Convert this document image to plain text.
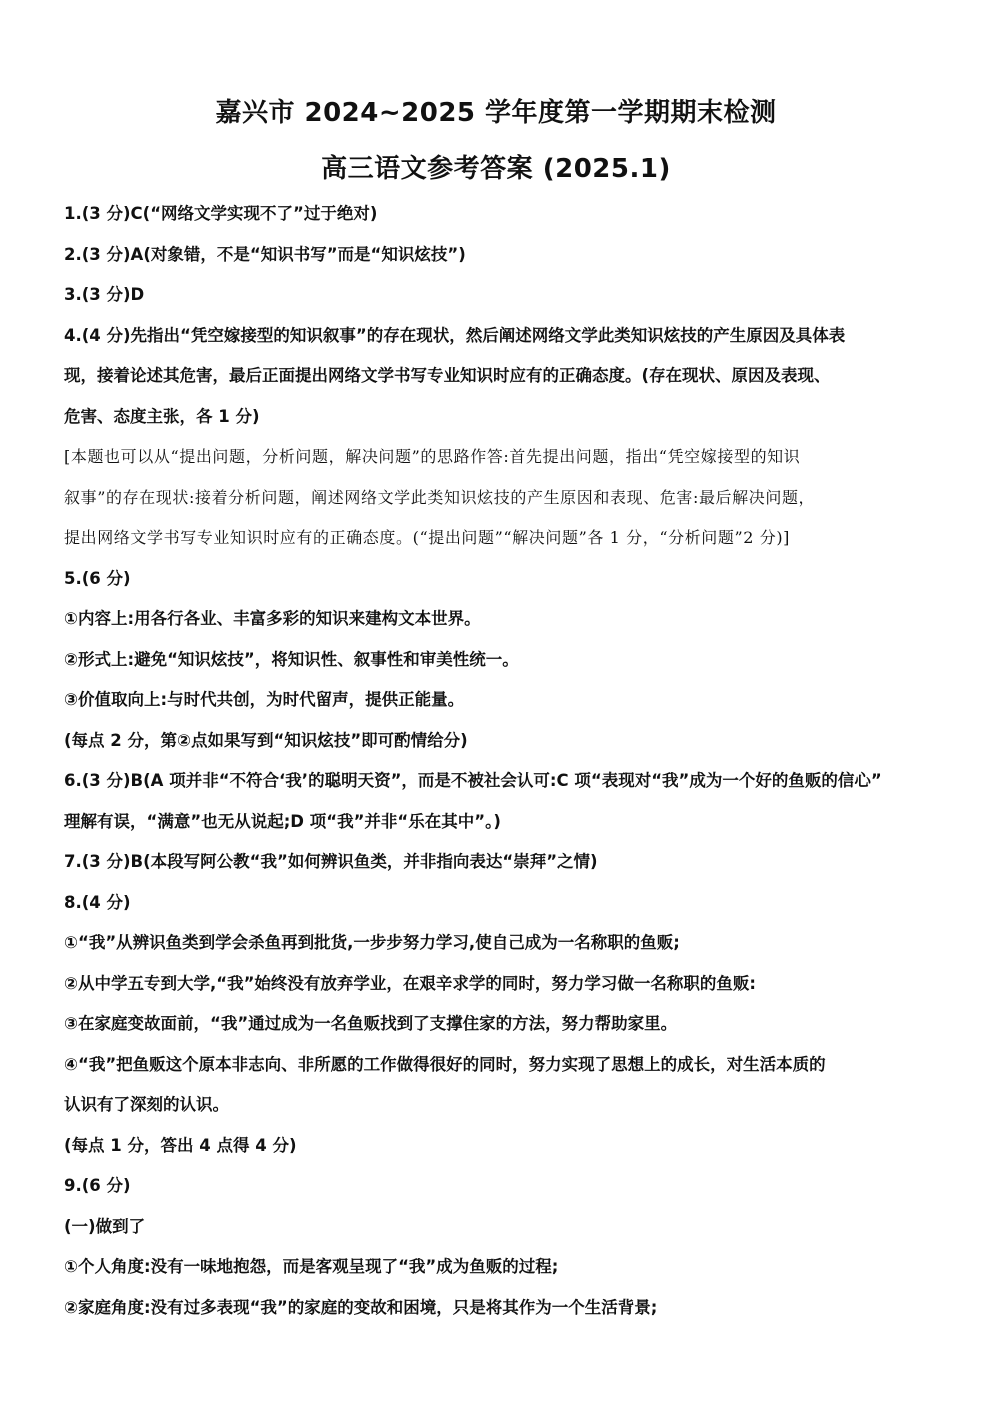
嘉兴市 2024~2025 学年度第一学期期末检测
高三语文参考答案 (2025.1)
1.(3 分)C(“网络文学实现不了”过于绝对)
2.(3 分)A(对象错，不是“知识书写”而是“知识炫技”)
3.(3 分)D
4.(4 分)先指出“凭空嫁接型的知识叙事”的存在现状，然后阐述网络文学此类知识炫技的产生原因及具体表
现，接着论述其危害，最后正面提出网络文学书写专业知识时应有的正确态度。(存在现状、原因及表现、
危害、态度主张，各 1 分)
[本题也可以从“提出问题，分析问题，解决问题”的思路作答:首先提出问题，指出“凭空嫁接型的知识
叙事”的存在现状:接着分析问题，阐述网络文学此类知识炫技的产生原因和表现、危害:最后解决问题，
提出网络文学书写专业知识时应有的正确态度。(“提出问题”“解决问题”各 1 分，“分析问题”2 分)]
5.(6 分)
①内容上:用各行各业、丰富多彩的知识来建构文本世界。
②形式上:避免“知识炫技”，将知识性、叙事性和审美性统一。
③价值取向上:与时代共创，为时代留声，提供正能量。
(每点 2 分，第②点如果写到“知识炫技”即可酌情给分)
6.(3 分)B(A 项并非“不符合‘我’的聪明天资”，而是不被社会认可:C 项“表现对“我”成为一个好的鱼贩的信心”
理解有误，“满意”也无从说起;D 项“我”并非“乐在其中”。)
7.(3 分)B(本段写阿公教“我”如何辨识鱼类，并非指向表达“崇拜”之情)
8.(4 分)
①“我”从辨识鱼类到学会杀鱼再到批货,一步步努力学习,使自己成为一名称职的鱼贩;
②从中学五专到大学,“我”始终没有放弃学业，在艰辛求学的同时，努力学习做一名称职的鱼贩:
③在家庭变故面前，“我”通过成为一名鱼贩找到了支撑住家的方法，努力帮助家里。
④“我”把鱼贩这个原本非志向、非所愿的工作做得很好的同时，努力实现了思想上的成长，对生活本质的
认识有了深刻的认识。
(每点 1 分，答出 4 点得 4 分)
9.(6 分)
(一)做到了
①个人角度:没有一味地抱怨，而是客观呈现了“我”成为鱼贩的过程;
②家庭角度:没有过多表现“我”的家庭的变故和困境，只是将其作为一个生活背景;
